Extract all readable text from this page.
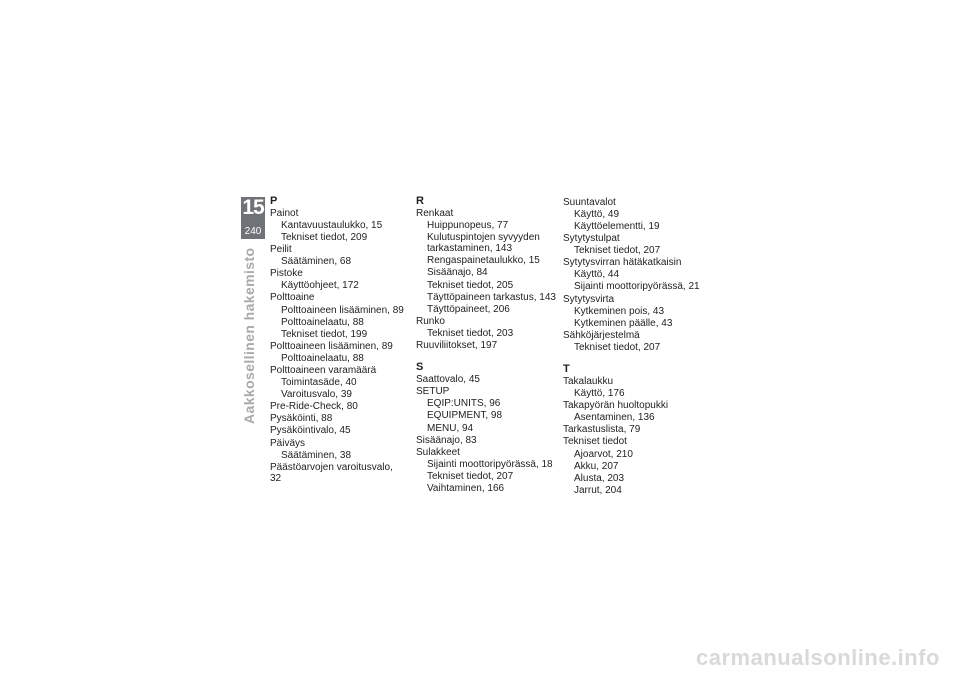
15
240
Aakkosellinen hakemisto
P
Painot
Kantavuustaulukko, 15
Tekniset tiedot, 209
Peilit
Säätäminen, 68
Pistoke
Käyttöohjeet, 172
Polttoaine
Polttoaineen lisääminen, 89
Polttoainelaatu, 88
Tekniset tiedot, 199
Polttoaineen lisääminen, 89
Polttoainelaatu, 88
Polttoaineen varamäärä
Toimintasäde, 40
Varoitusvalo, 39
Pre-Ride-Check, 80
Pysäköinti, 88
Pysäköintivalo, 45
Päiväys
Säätäminen, 38
Päästöarvojen varoitusvalo, 32
R
Renkaat
Huippunopeus, 77
Kulutuspintojen syvyyden tarkastaminen, 143
Rengaspainetaulukko, 15
Sisäänajo, 84
Tekniset tiedot, 205
Täyttöpaineen tarkastus, 143
Täyttöpaineet, 206
Runko
Tekniset tiedot, 203
Ruuviliitokset, 197
S
Saattovalo, 45
SETUP
EQIP:UNITS, 96
EQUIPMENT, 98
MENU, 94
Sisäänajo, 83
Sulakkeet
Sijainti moottoripyörässä, 18
Tekniset tiedot, 207
Vaihtaminen, 166
Suuntavalot
Käyttö, 49
Käyttöelementti, 19
Sytytystulpat
Tekniset tiedot, 207
Sytytysvirran hätäkatkaisin
Käyttö, 44
Sijainti moottoripyörässä, 21
Sytytysvirta
Kytkeminen pois, 43
Kytkeminen päälle, 43
Sähköjärjestelmä
Tekniset tiedot, 207
T
Takalaukku
Käyttö, 176
Takapyörän huoltopukki
Asentaminen, 136
Tarkastuslista, 79
Tekniset tiedot
Ajoarvot, 210
Akku, 207
Alusta, 203
Jarrut, 204
carmanualsonline.info
